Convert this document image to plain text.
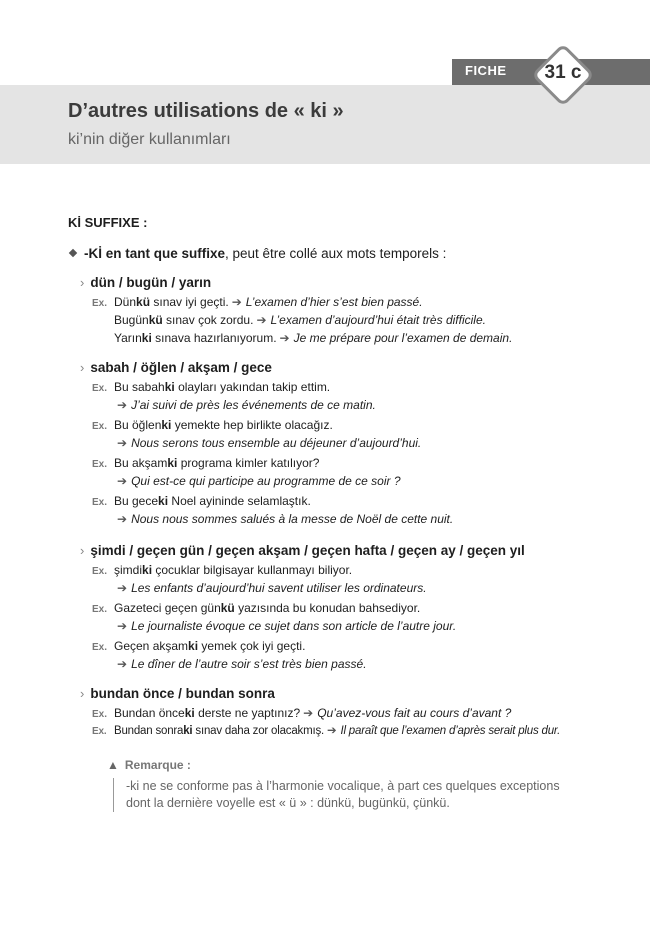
FICHE	31 c
D’autres utilisations de « ki »
ki’nin diğer kullanımları
Kİ SUFFIXE :
-Kİ en tant que suffixe, peut être collé aux mots temporels :
› dün / bugün / yarın
Ex. Dünkü sınav iyi geçti. ➔ L’examen d’hier s’est bien passé.
Bugünkü sınav çok zordu. ➔ L’examen d’aujourd’hui était très difficile.
Yarınki sınava hazırlanıyorum. ➔ Je me prépare pour l’examen de demain.
› sabah / öğlen / akşam / gece
Ex. Bu sabahki olayları yakından takip ettim.
➔ J’ai suivi de près les événements de ce matin.
Ex. Bu öğlenki yemekte hep birlikte olacağız.
➔ Nous serons tous ensemble au déjeuner d’aujourd’hui.
Ex. Bu akşamki programa kimler katılıyor?
➔ Qui est-ce qui participe au programme de ce soir ?
Ex. Bu geceki Noel ayininde selamlaştık.
➔ Nous nous sommes salués à la messe de Noël de cette nuit.
› şimdi / geçen gün / geçen akşam / geçen hafta / geçen ay / geçen yıl
Ex. şimdiki çocuklar bilgisayar kullanmayı biliyor.
➔ Les enfants d’aujourd’hui savent utiliser les ordinateurs.
Ex. Gazeteci geçen günkü yazısında bu konudan bahsediyor.
➔ Le journaliste évoque ce sujet dans son article de l’autre jour.
Ex. Geçen akşamki yemek çok iyi geçti.
➔ Le dîner de l’autre soir s’est très bien passé.
› bundan önce / bundan sonra
Ex. Bundan önceki derste ne yaptınız? ➔ Qu’avez-vous fait au cours d’avant ?
Ex. Bundan sonraki sınav daha zor olacakmış. ➔ Il paraît que l’examen d’après serait plus dur.
▲ Remarque :
-ki ne se conforme pas à l’harmonie vocalique, à part ces quelques exceptions
dont la dernière voyelle est « ü » : dünkü, bugünkü, çünkü.
